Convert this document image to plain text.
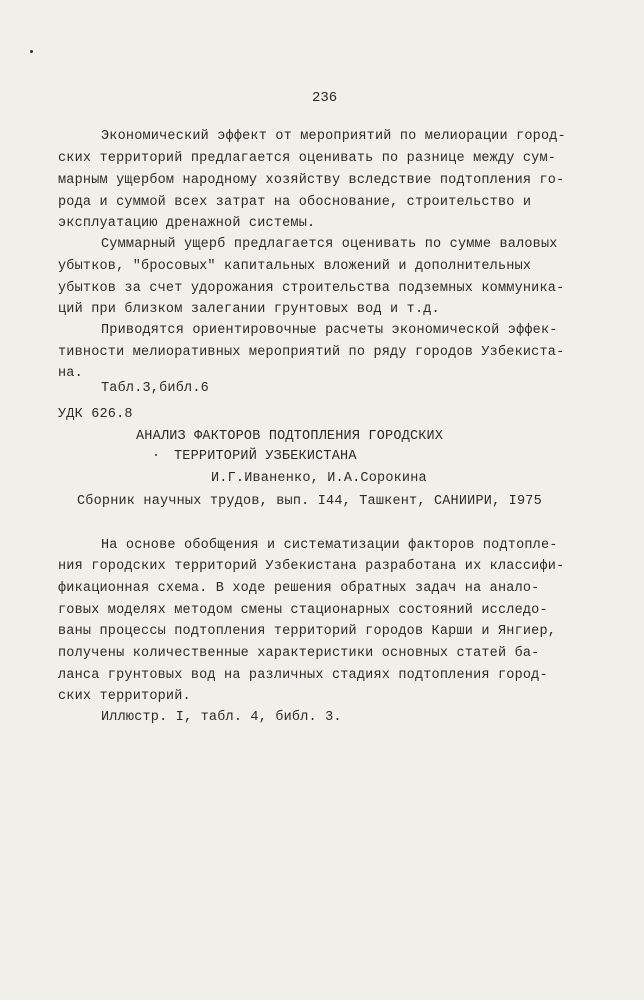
236
Экономический эффект от мероприятий по мелиорации город-
ских территорий предлагается оценивать по разнице между сум-
марным ущербом народному хозяйству вследствие подтопления го-
рода и суммой всех затрат на обоснование, строительство и
эксплуатацию дренажной системы.
Суммарный ущерб предлагается оценивать по сумме валовых
убытков, "бросовых" капитальных вложений и дополнительных
убытков за счет удорожания строительства подземных коммуника-
ций при близком залегании грунтовых вод и т.д.
Приводятся ориентировочные расчеты экономической эффек-
тивности мелиоративных мероприятий по ряду городов Узбекиста-
на.
Табл.3,библ.6
УДК 626.8
АНАЛИЗ ФАКТОРОВ ПОДТОПЛЕНИЯ ГОРОДСКИХ
ТЕРРИТОРИЙ УЗБЕКИСТАНА
И.Г.Иваненко, И.А.Сорокина
Сборник научных трудов, вып. I44, Ташкент, САНИИРИ, I975
На основе обобщения и систематизации факторов подтопле-
ния городских территорий Узбекистана разработана их классифи-
фикационная схема. В ходе решения обратных задач на анало-
говых моделях методом смены стационарных состояний исследо-
ваны процессы подтопления территорий городов Карши и Янгиер,
получены количественные характеристики основных статей ба-
ланса грунтовых вод на различных стадиях подтопления город-
ских территорий.
Иллюстр. I, табл. 4, библ. 3.
